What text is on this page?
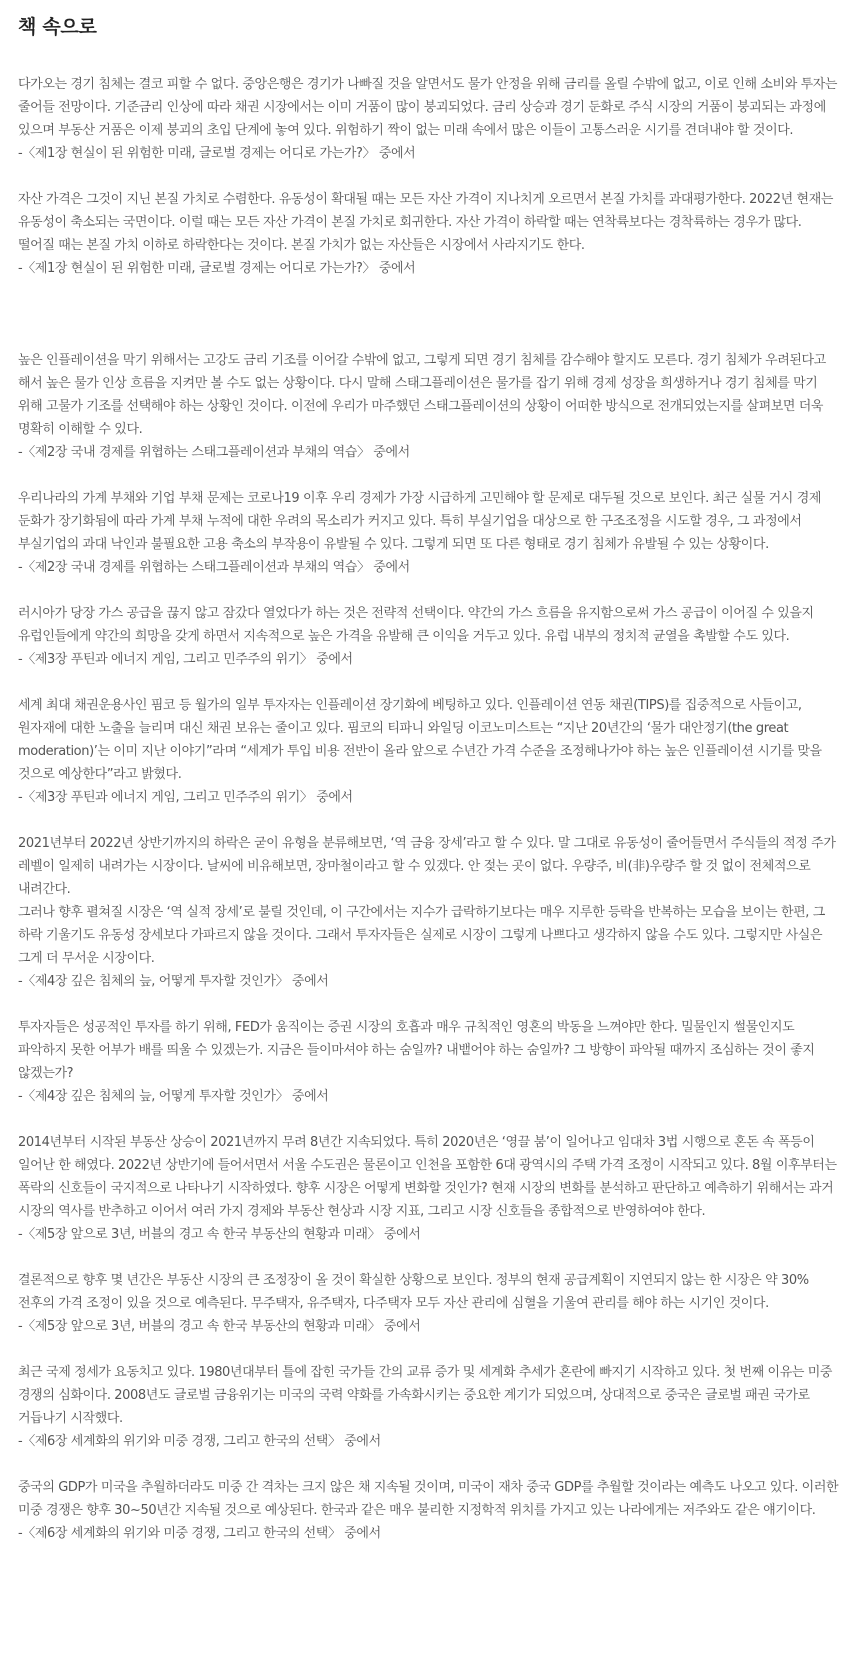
책 속으로

다가오는 경기 침체는 결코 피할 수 없다. 중앙은행은 경기가 나빠질 것을 알면서도 물가 안정을 위해 금리를 올릴 수밖에 없고, 이로 인해 소비와 투자는 줄어들 전망이다. 기준금리 인상에 따라 채권 시장에서는 이미 거품이 많이 붕괴되었다. 금리 상승과 경기 둔화로 주식 시장의 거품이 붕괴되는 과정에 있으며 부동산 거품은 이제 붕괴의 초입 단계에 놓여 있다. 위험하기 짝이 없는 미래 속에서 많은 이들이 고통스러운 시기를 견뎌내야 할 것이다.

-〈제1장 현실이 된 위험한 미래, 글로벌 경제는 어디로 가는가?〉 중에서

자산 가격은 그것이 지닌 본질 가치로 수렴한다. 유동성이 확대될 때는 모든 자산 가격이 지나치게 오르면서 본질 가치를 과대평가한다. 2022년 현재는 유동성이 축소되는 국면이다. 이럴 때는 모든 자산 가격이 본질 가치로 회귀한다. 자산 가격이 하락할 때는 연착륙보다는 경착륙하는 경우가 많다. 떨어질 때는 본질 가치 이하로 하락한다는 것이다. 본질 가치가 없는 자산들은 시장에서 사라지기도 한다.

-〈제1장 현실이 된 위험한 미래, 글로벌 경제는 어디로 가는가?〉 중에서

높은 인플레이션을 막기 위해서는 고강도 금리 기조를 이어갈 수밖에 없고, 그렇게 되면 경기 침체를 감수해야 할지도 모른다. 경기 침체가 우려된다고 해서 높은 물가 인상 흐름을 지켜만 볼 수도 없는 상황이다. 다시 말해 스태그플레이션은 물가를 잡기 위해 경제 성장을 희생하거나 경기 침체를 막기 위해 고물가 기조를 선택해야 하는 상황인 것이다. 이전에 우리가 마주했던 스태그플레이션의 상황이 어떠한 방식으로 전개되었는지를 살펴보면 더욱 명확히 이해할 수 있다.

-〈제2장 국내 경제를 위협하는 스태그플레이션과 부채의 역습〉 중에서

우리나라의 가계 부채와 기업 부채 문제는 코로나19 이후 우리 경제가 가장 시급하게 고민해야 할 문제로 대두될 것으로 보인다. 최근 실물 거시 경제 둔화가 장기화됨에 따라 가계 부채 누적에 대한 우려의 목소리가 커지고 있다. 특히 부실기업을 대상으로 한 구조조정을 시도할 경우, 그 과정에서 부실기업의 과대 낙인과 불필요한 고용 축소의 부작용이 유발될 수 있다. 그렇게 되면 또 다른 형태로 경기 침체가 유발될 수 있는 상황이다.

-〈제2장 국내 경제를 위협하는 스태그플레이션과 부채의 역습〉 중에서

러시아가 당장 가스 공급을 끊지 않고 잠갔다 열었다가 하는 것은 전략적 선택이다. 약간의 가스 흐름을 유지함으로써 가스 공급이 이어질 수 있을지 유럽인들에게 약간의 희망을 갖게 하면서 지속적으로 높은 가격을 유발해 큰 이익을 거두고 있다. 유럽 내부의 정치적 균열을 촉발할 수도 있다.

-〈제3장 푸틴과 에너지 게임, 그리고 민주주의 위기〉 중에서

세계 최대 채권운용사인 핌코 등 월가의 일부 투자자는 인플레이션 장기화에 베팅하고 있다. 인플레이션 연동 채권(TIPS)를 집중적으로 사들이고, 원자재에 대한 노출을 늘리며 대신 채권 보유는 줄이고 있다. 핌코의 티파니 와일딩 이코노미스트는 “지난 20년간의 ‘물가 대안정기(the great moderation)’는 이미 지난 이야기”라며 “세계가 투입 비용 전반이 올라 앞으로 수년간 가격 수준을 조정해나가야 하는 높은 인플레이션 시기를 맞을 것으로 예상한다”라고 밝혔다.

-〈제3장 푸틴과 에너지 게임, 그리고 민주주의 위기〉 중에서

2021년부터 2022년 상반기까지의 하락은 굳이 유형을 분류해보면, ‘역 금융 장세’라고 할 수 있다. 말 그대로 유동성이 줄어들면서 주식들의 적정 주가 레벨이 일제히 내려가는 시장이다. 날씨에 비유해보면, 장마철이라고 할 수 있겠다. 안 젖는 곳이 없다. 우량주, 비(非)우량주 할 것 없이 전체적으로 내려간다.

그러나 향후 펼쳐질 시장은 ‘역 실적 장세’로 불릴 것인데, 이 구간에서는 지수가 급락하기보다는 매우 지루한 등락을 반복하는 모습을 보이는 한편, 그 하락 기울기도 유동성 장세보다 가파르지 않을 것이다. 그래서 투자자들은 실제로 시장이 그렇게 나쁘다고 생각하지 않을 수도 있다. 그렇지만 사실은 그게 더 무서운 시장이다.

-〈제4장 깊은 침체의 늪, 어떻게 투자할 것인가〉 중에서

투자자들은 성공적인 투자를 하기 위해, FED가 움직이는 증권 시장의 호흡과 매우 규칙적인 영혼의 박동을 느껴야만 한다. 밀물인지 썰물인지도 파악하지 못한 어부가 배를 띄울 수 있겠는가. 지금은 들이마셔야 하는 숨일까? 내뱉어야 하는 숨일까? 그 방향이 파악될 때까지 조심하는 것이 좋지 않겠는가?

-〈제4장 깊은 침체의 늪, 어떻게 투자할 것인가〉 중에서

2014년부터 시작된 부동산 상승이 2021년까지 무려 8년간 지속되었다. 특히 2020년은 ‘영끌 붐’이 일어나고 임대차 3법 시행으로 혼돈 속 폭등이 일어난 한 해였다. 2022년 상반기에 들어서면서 서울 수도권은 물론이고 인천을 포함한 6대 광역시의 주택 가격 조정이 시작되고 있다. 8월 이후부터는 폭락의 신호들이 국지적으로 나타나기 시작하였다. 향후 시장은 어떻게 변화할 것인가? 현재 시장의 변화를 분석하고 판단하고 예측하기 위해서는 과거 시장의 역사를 반추하고 이어서 여러 가지 경제와 부동산 현상과 시장 지표, 그리고 시장 신호들을 종합적으로 반영하여야 한다.

-〈제5장 앞으로 3년, 버블의 경고 속 한국 부동산의 현황과 미래〉 중에서

결론적으로 향후 몇 년간은 부동산 시장의 큰 조정장이 올 것이 확실한 상황으로 보인다. 정부의 현재 공급계획이 지연되지 않는 한 시장은 약 30% 전후의 가격 조정이 있을 것으로 예측된다. 무주택자, 유주택자, 다주택자 모두 자산 관리에 심혈을 기울여 관리를 해야 하는 시기인 것이다.

-〈제5장 앞으로 3년, 버블의 경고 속 한국 부동산의 현황과 미래〉 중에서

최근 국제 정세가 요동치고 있다. 1980년대부터 틀에 잡힌 국가들 간의 교류 증가 및 세계화 추세가 혼란에 빠지기 시작하고 있다. 첫 번째 이유는 미중 경쟁의 심화이다. 2008년도 글로벌 금융위기는 미국의 국력 약화를 가속화시키는 중요한 계기가 되었으며, 상대적으로 중국은 글로벌 패권 국가로 거듭나기 시작했다.

-〈제6장 세계화의 위기와 미중 경쟁, 그리고 한국의 선택〉 중에서

중국의 GDP가 미국을 추월하더라도 미중 간 격차는 크지 않은 채 지속될 것이며, 미국이 재차 중국 GDP를 추월할 것이라는 예측도 나오고 있다. 이러한 미중 경쟁은 향후 30~50년간 지속될 것으로 예상된다. 한국과 같은 매우 불리한 지정학적 위치를 가지고 있는 나라에게는 저주와도 같은 얘기이다.

-〈제6장 세계화의 위기와 미중 경쟁, 그리고 한국의 선택〉 중에서
